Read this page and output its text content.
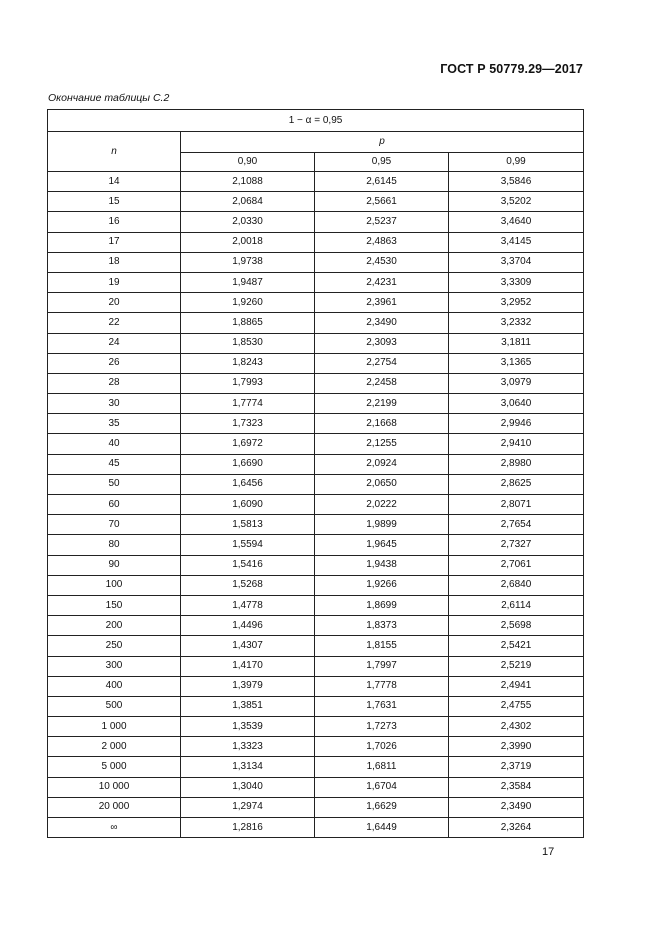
ГОСТ Р 50779.29—2017
Окончание таблицы С.2
1 − α = 0,95			
n	p		
	0,90	0,95	0,99
14	2,1088	2,6145	3,5846
15	2,0684	2,5661	3,5202
16	2,0330	2,5237	3,4640
17	2,0018	2,4863	3,4145
18	1,9738	2,4530	3,3704
19	1,9487	2,4231	3,3309
20	1,9260	2,3961	3,2952
22	1,8865	2,3490	3,2332
24	1,8530	2,3093	3,1811
26	1,8243	2,2754	3,1365
28	1,7993	2,2458	3,0979
30	1,7774	2,2199	3,0640
35	1,7323	2,1668	2,9946
40	1,6972	2,1255	2,9410
45	1,6690	2,0924	2,8980
50	1,6456	2,0650	2,8625
60	1,6090	2,0222	2,8071
70	1,5813	1,9899	2,7654
80	1,5594	1,9645	2,7327
90	1,5416	1,9438	2,7061
100	1,5268	1,9266	2,6840
150	1,4778	1,8699	2,6114
200	1,4496	1,8373	2,5698
250	1,4307	1,8155	2,5421
300	1,4170	1,7997	2,5219
400	1,3979	1,7778	2,4941
500	1,3851	1,7631	2,4755
1 000	1,3539	1,7273	2,4302
2 000	1,3323	1,7026	2,3990
5 000	1,3134	1,6811	2,3719
10 000	1,3040	1,6704	2,3584
20 000	1,2974	1,6629	2,3490
∞	1,2816	1,6449	2,3264
17
